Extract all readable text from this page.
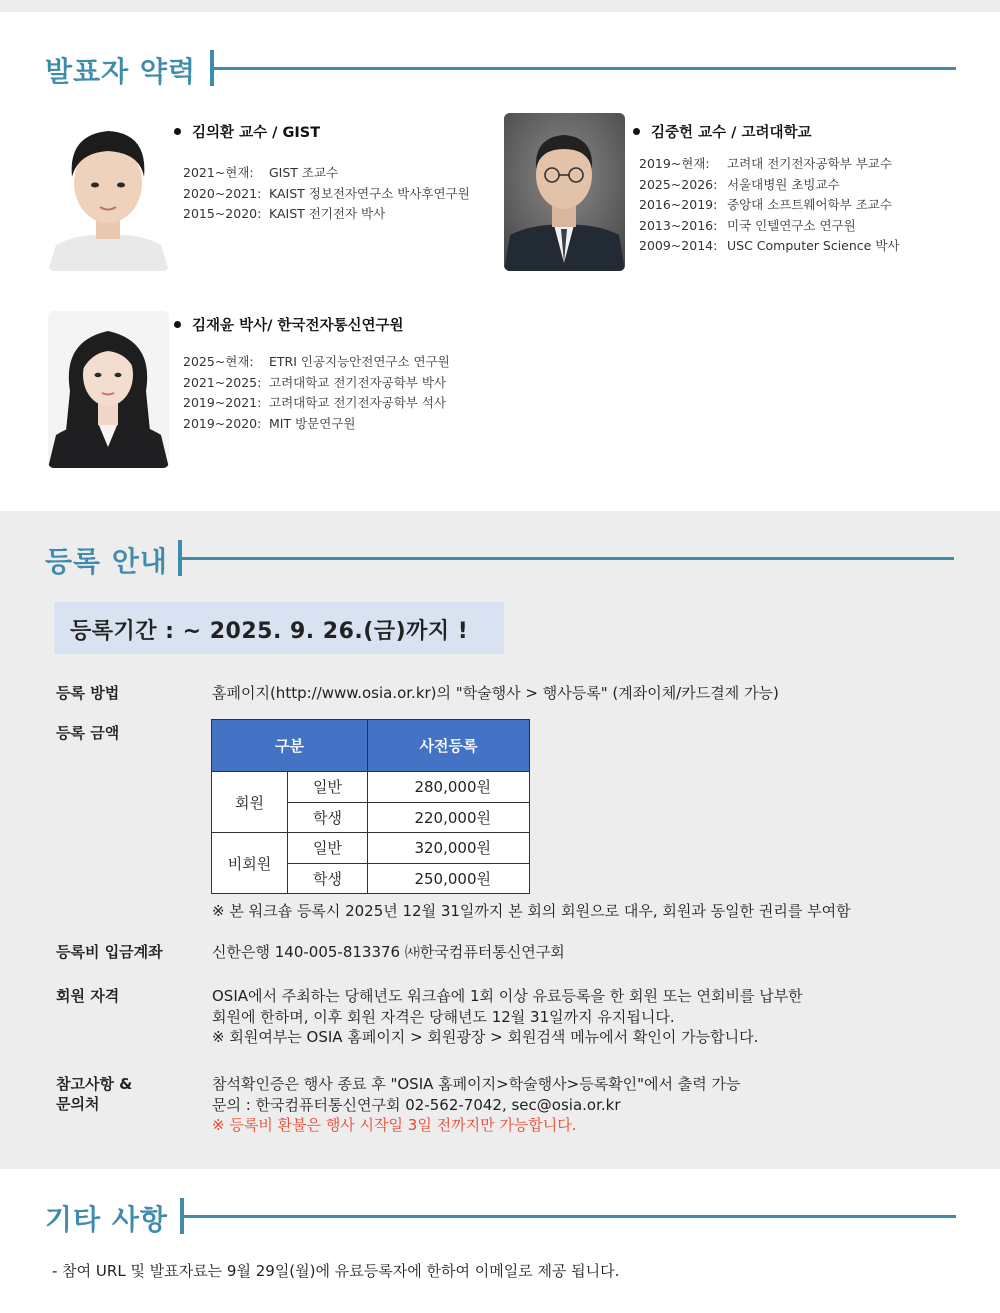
발표자 약력
김의환 교수 / GIST
2021~현재:	GIST 조교수
2020~2021: KAIST 정보전자연구소 박사후연구원
2015~2020: KAIST 전기전자 박사
김중헌 교수 / 고려대학교
2019~현재:	고려대 전기전자공학부 부교수
2025~2026: 서울대병원 초빙교수
2016~2019: 중앙대 소프트웨어학부 조교수
2013~2016: 미국 인텔연구소 연구원
2009~2014: USC Computer Science 박사
김재윤 박사/ 한국전자통신연구원
2025~현재:	ETRI 인공지능안전연구소 연구원
2021~2025: 고려대학교 전기전자공학부 박사
2019~2021: 고려대학교 전기전자공학부 석사
2019~2020: MIT 방문연구원
등록 안내
등록기간 : ~ 2025. 9. 26.(금)까지 !
등록 방법	홈페이지(http://www.osia.or.kr)의 "학술행사 > 행사등록" (계좌이체/카드결제 가능)
등록 금액
구분		사전등록
회원	일반	280,000원
	학생	220,000원
비회원	일반	320,000원
	학생	250,000원
※ 본 워크숍 등록시 2025년 12월 31일까지 본 회의 회원으로 대우, 회원과 동일한 권리를 부여함
등록비 입금계좌	신한은행 140-005-813376 ㈔한국컴퓨터통신연구회
회원 자격	OSIA에서 주최하는 당해년도 워크숍에 1회 이상 유료등록을 한 회원 또는 연회비를 납부한
회원에 한하며, 이후 회원 자격은 당해년도 12월 31일까지 유지됩니다.
※ 회원여부는 OSIA 홈페이지 > 회원광장 > 회원검색 메뉴에서 확인이 가능합니다.
참고사항 &
문의처
참석확인증은 행사 종료 후 "OSIA 홈페이지>학술행사>등록확인"에서 출력 가능
문의 : 한국컴퓨터통신연구회 02-562-7042, sec@osia.or.kr
※ 등록비 환불은 행사 시작일 3일 전까지만 가능합니다.
기타 사항
- 참여 URL 및 발표자료는 9월 29일(월)에 유료등록자에 한하여 이메일로 제공 됩니다.
